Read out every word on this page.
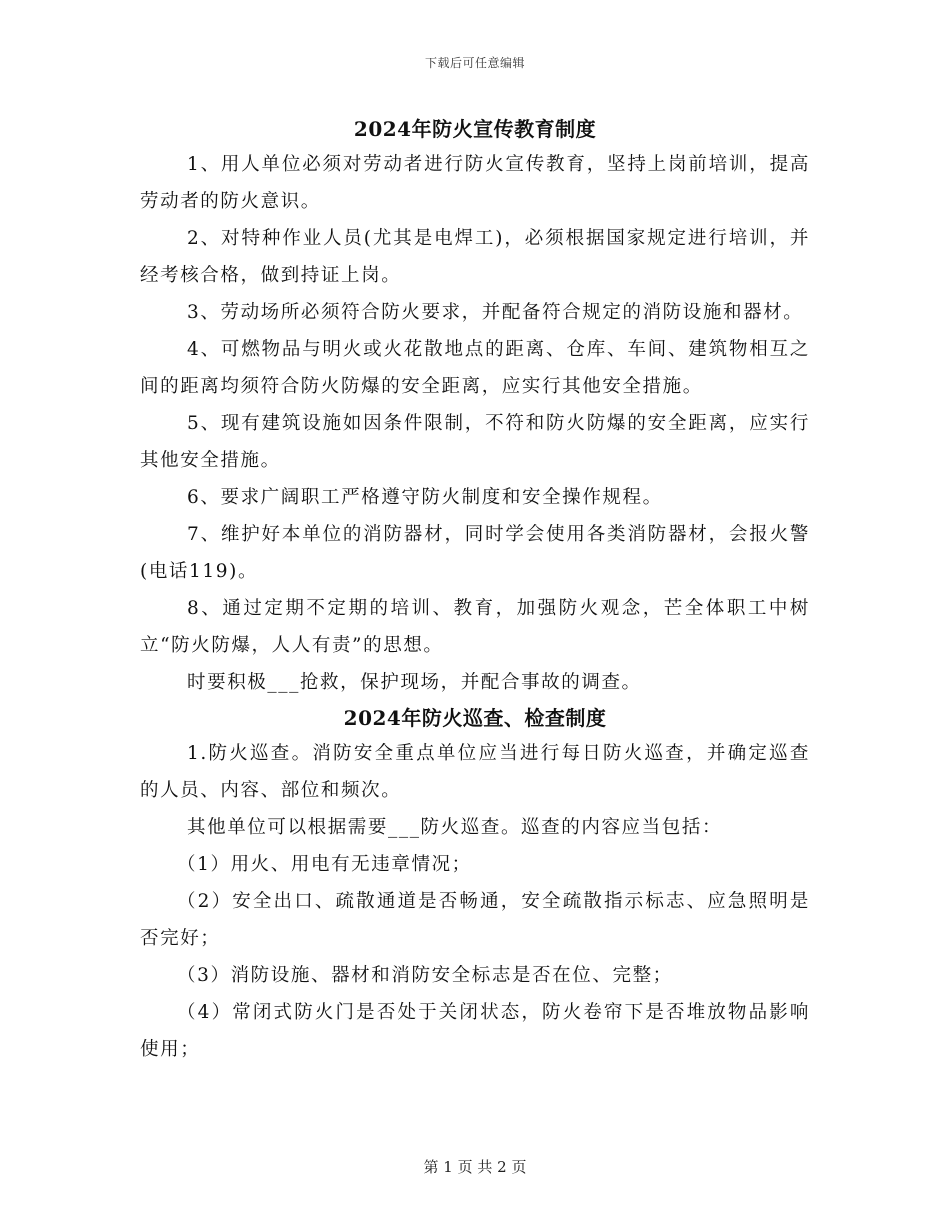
下载后可任意编辑
2024年防火宣传教育制度

1、用人单位必须对劳动者进行防火宣传教育，坚持上岗前培训，提高劳动者的防火意识。

2、对特种作业人员(尤其是电焊工)，必须根据国家规定进行培训，并经考核合格，做到持证上岗。

3、劳动场所必须符合防火要求，并配备符合规定的消防设施和器材。

4、可燃物品与明火或火花散地点的距离、仓库、车间、建筑物相互之间的距离均须符合防火防爆的安全距离，应实行其他安全措施。

5、现有建筑设施如因条件限制，不符和防火防爆的安全距离，应实行其他安全措施。

6、要求广阔职工严格遵守防火制度和安全操作规程。

7、维护好本单位的消防器材，同时学会使用各类消防器材，会报火警(电话119)。

8、通过定期不定期的培训、教育，加强防火观念，芒全体职工中树立“防火防爆，人人有责”的思想。

时要积极___抢救，保护现场，并配合事故的调查。

2024年防火巡查、检查制度

1.防火巡查。消防安全重点单位应当进行每日防火巡查，并确定巡查的人员、内容、部位和频次。

其他单位可以根据需要___防火巡查。巡查的内容应当包括：

（1）用火、用电有无违章情况；

（2）安全出口、疏散通道是否畅通，安全疏散指示标志、应急照明是否完好；

（3）消防设施、器材和消防安全标志是否在位、完整；

（4）常闭式防火门是否处于关闭状态，防火卷帘下是否堆放物品影响使用；

第 1 页 共 2 页
